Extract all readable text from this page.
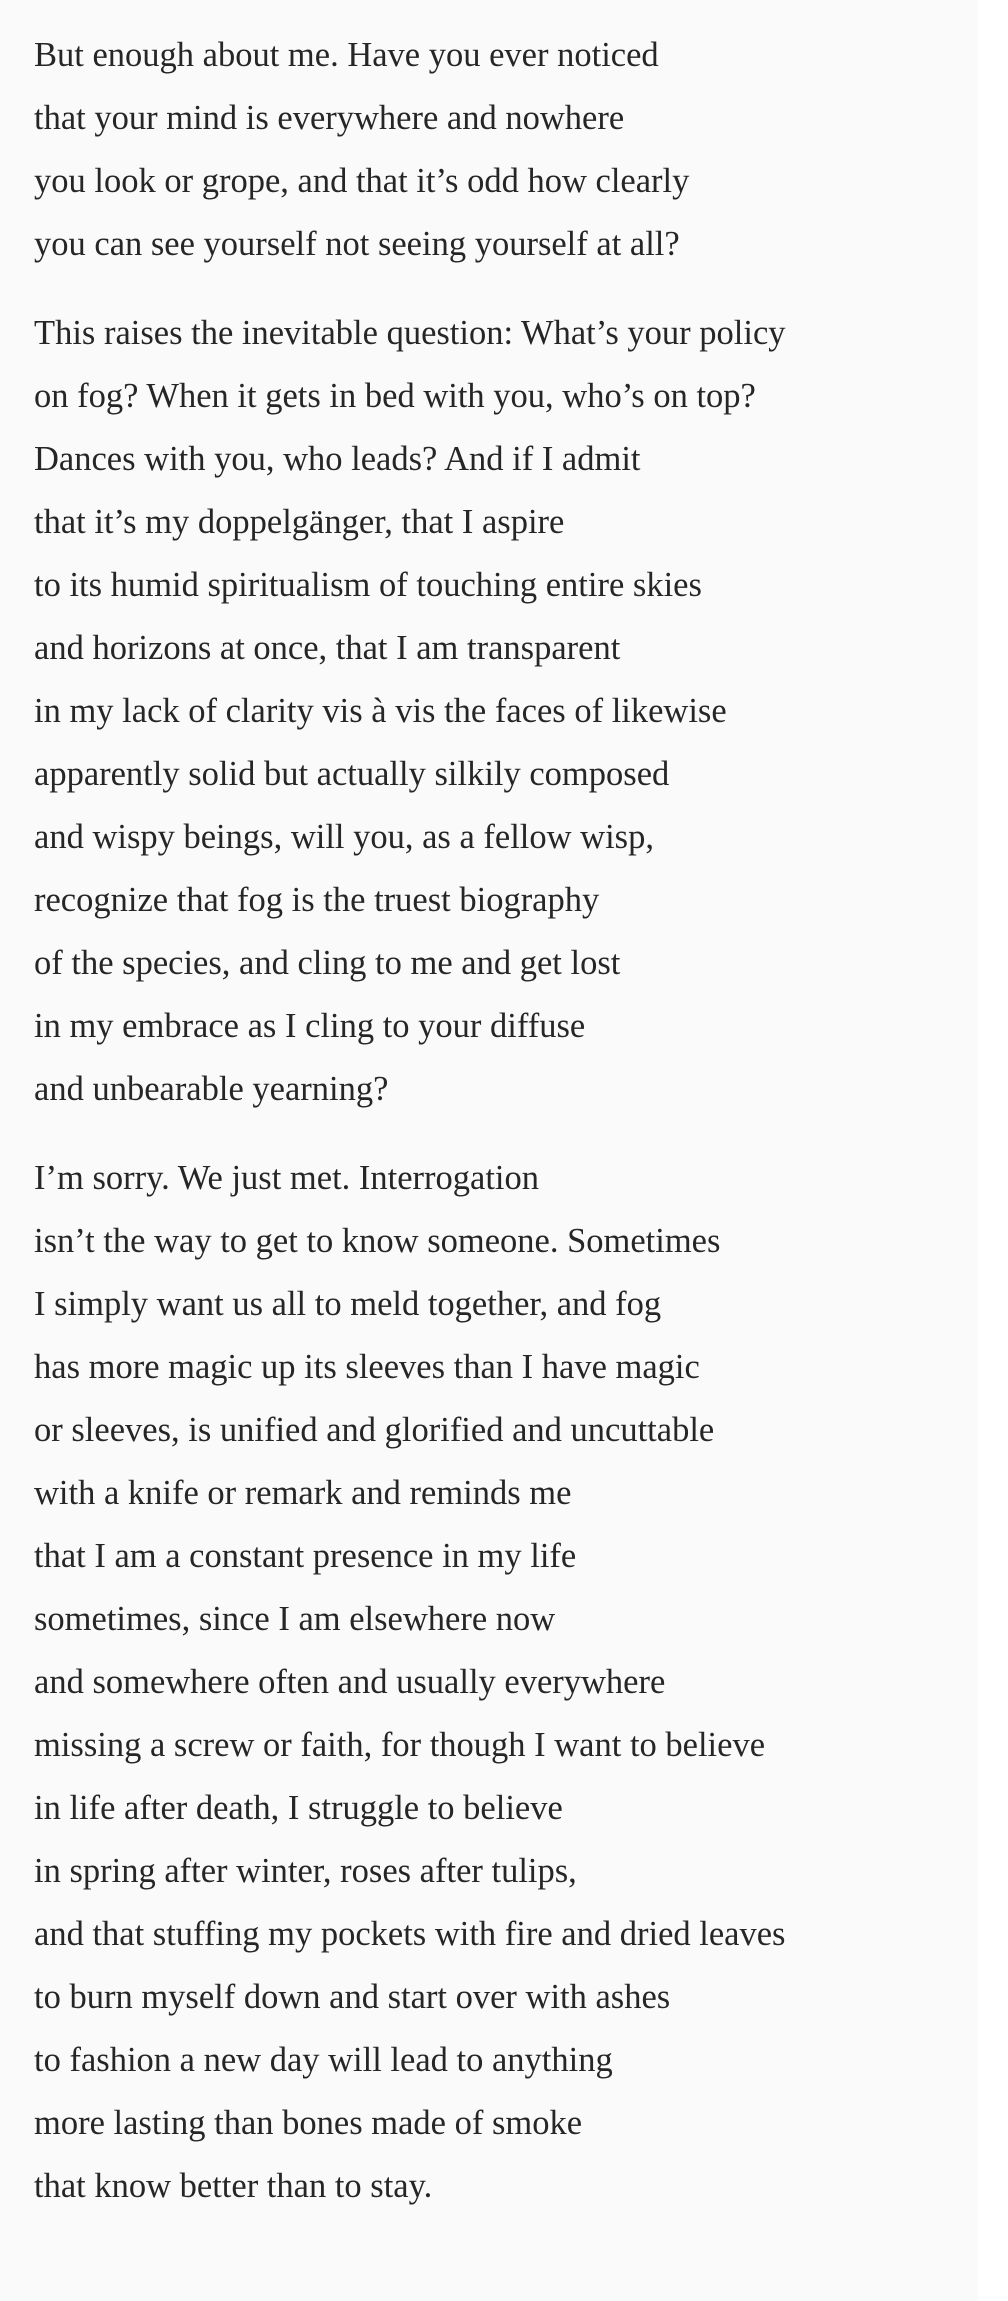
But enough about me. Have you ever noticed
that your mind is everywhere and nowhere
you look or grope, and that it’s odd how clearly
you can see yourself not seeing yourself at all?
This raises the inevitable question: What’s your policy
on fog? When it gets in bed with you, who’s on top?
Dances with you, who leads? And if I admit
that it’s my doppelgänger, that I aspire
to its humid spiritualism of touching entire skies
and horizons at once, that I am transparent
in my lack of clarity vis à vis the faces of likewise
apparently solid but actually silkily composed
and wispy beings, will you, as a fellow wisp,
recognize that fog is the truest biography
of the species, and cling to me and get lost
in my embrace as I cling to your diffuse
and unbearable yearning?
I’m sorry. We just met. Interrogation
isn’t the way to get to know someone. Sometimes
I simply want us all to meld together, and fog
has more magic up its sleeves than I have magic
or sleeves, is unified and glorified and uncuttable
with a knife or remark and reminds me
that I am a constant presence in my life
sometimes, since I am elsewhere now
and somewhere often and usually everywhere
missing a screw or faith, for though I want to believe
in life after death, I struggle to believe
in spring after winter, roses after tulips,
and that stuffing my pockets with fire and dried leaves
to burn myself down and start over with ashes
to fashion a new day will lead to anything
more lasting than bones made of smoke
that know better than to stay.
